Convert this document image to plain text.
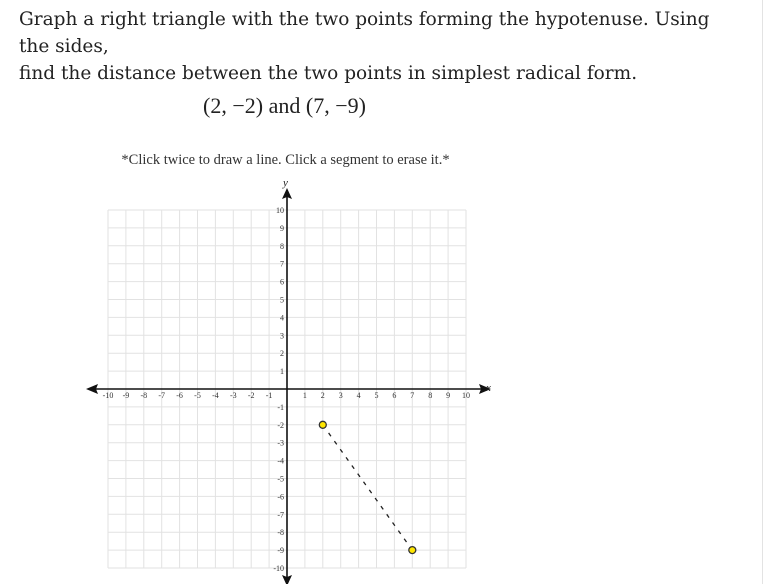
Graph a right triangle with the two points forming the hypotenuse. Using the sides,
find the distance between the two points in simplest radical form.

(2, −2) and (7, −9)
*Click twice to draw a line. Click a segment to erase it.*
x
y
-10 -9 -8 -7 -6 -5 -4 -3 -2 -1	1 2 3 4 5 6 7 8 9 10
10
9
8
7
6
5
4
3
2
1
-1
-2
-3
-4
-5
-6
-7
-8
-9
-10
